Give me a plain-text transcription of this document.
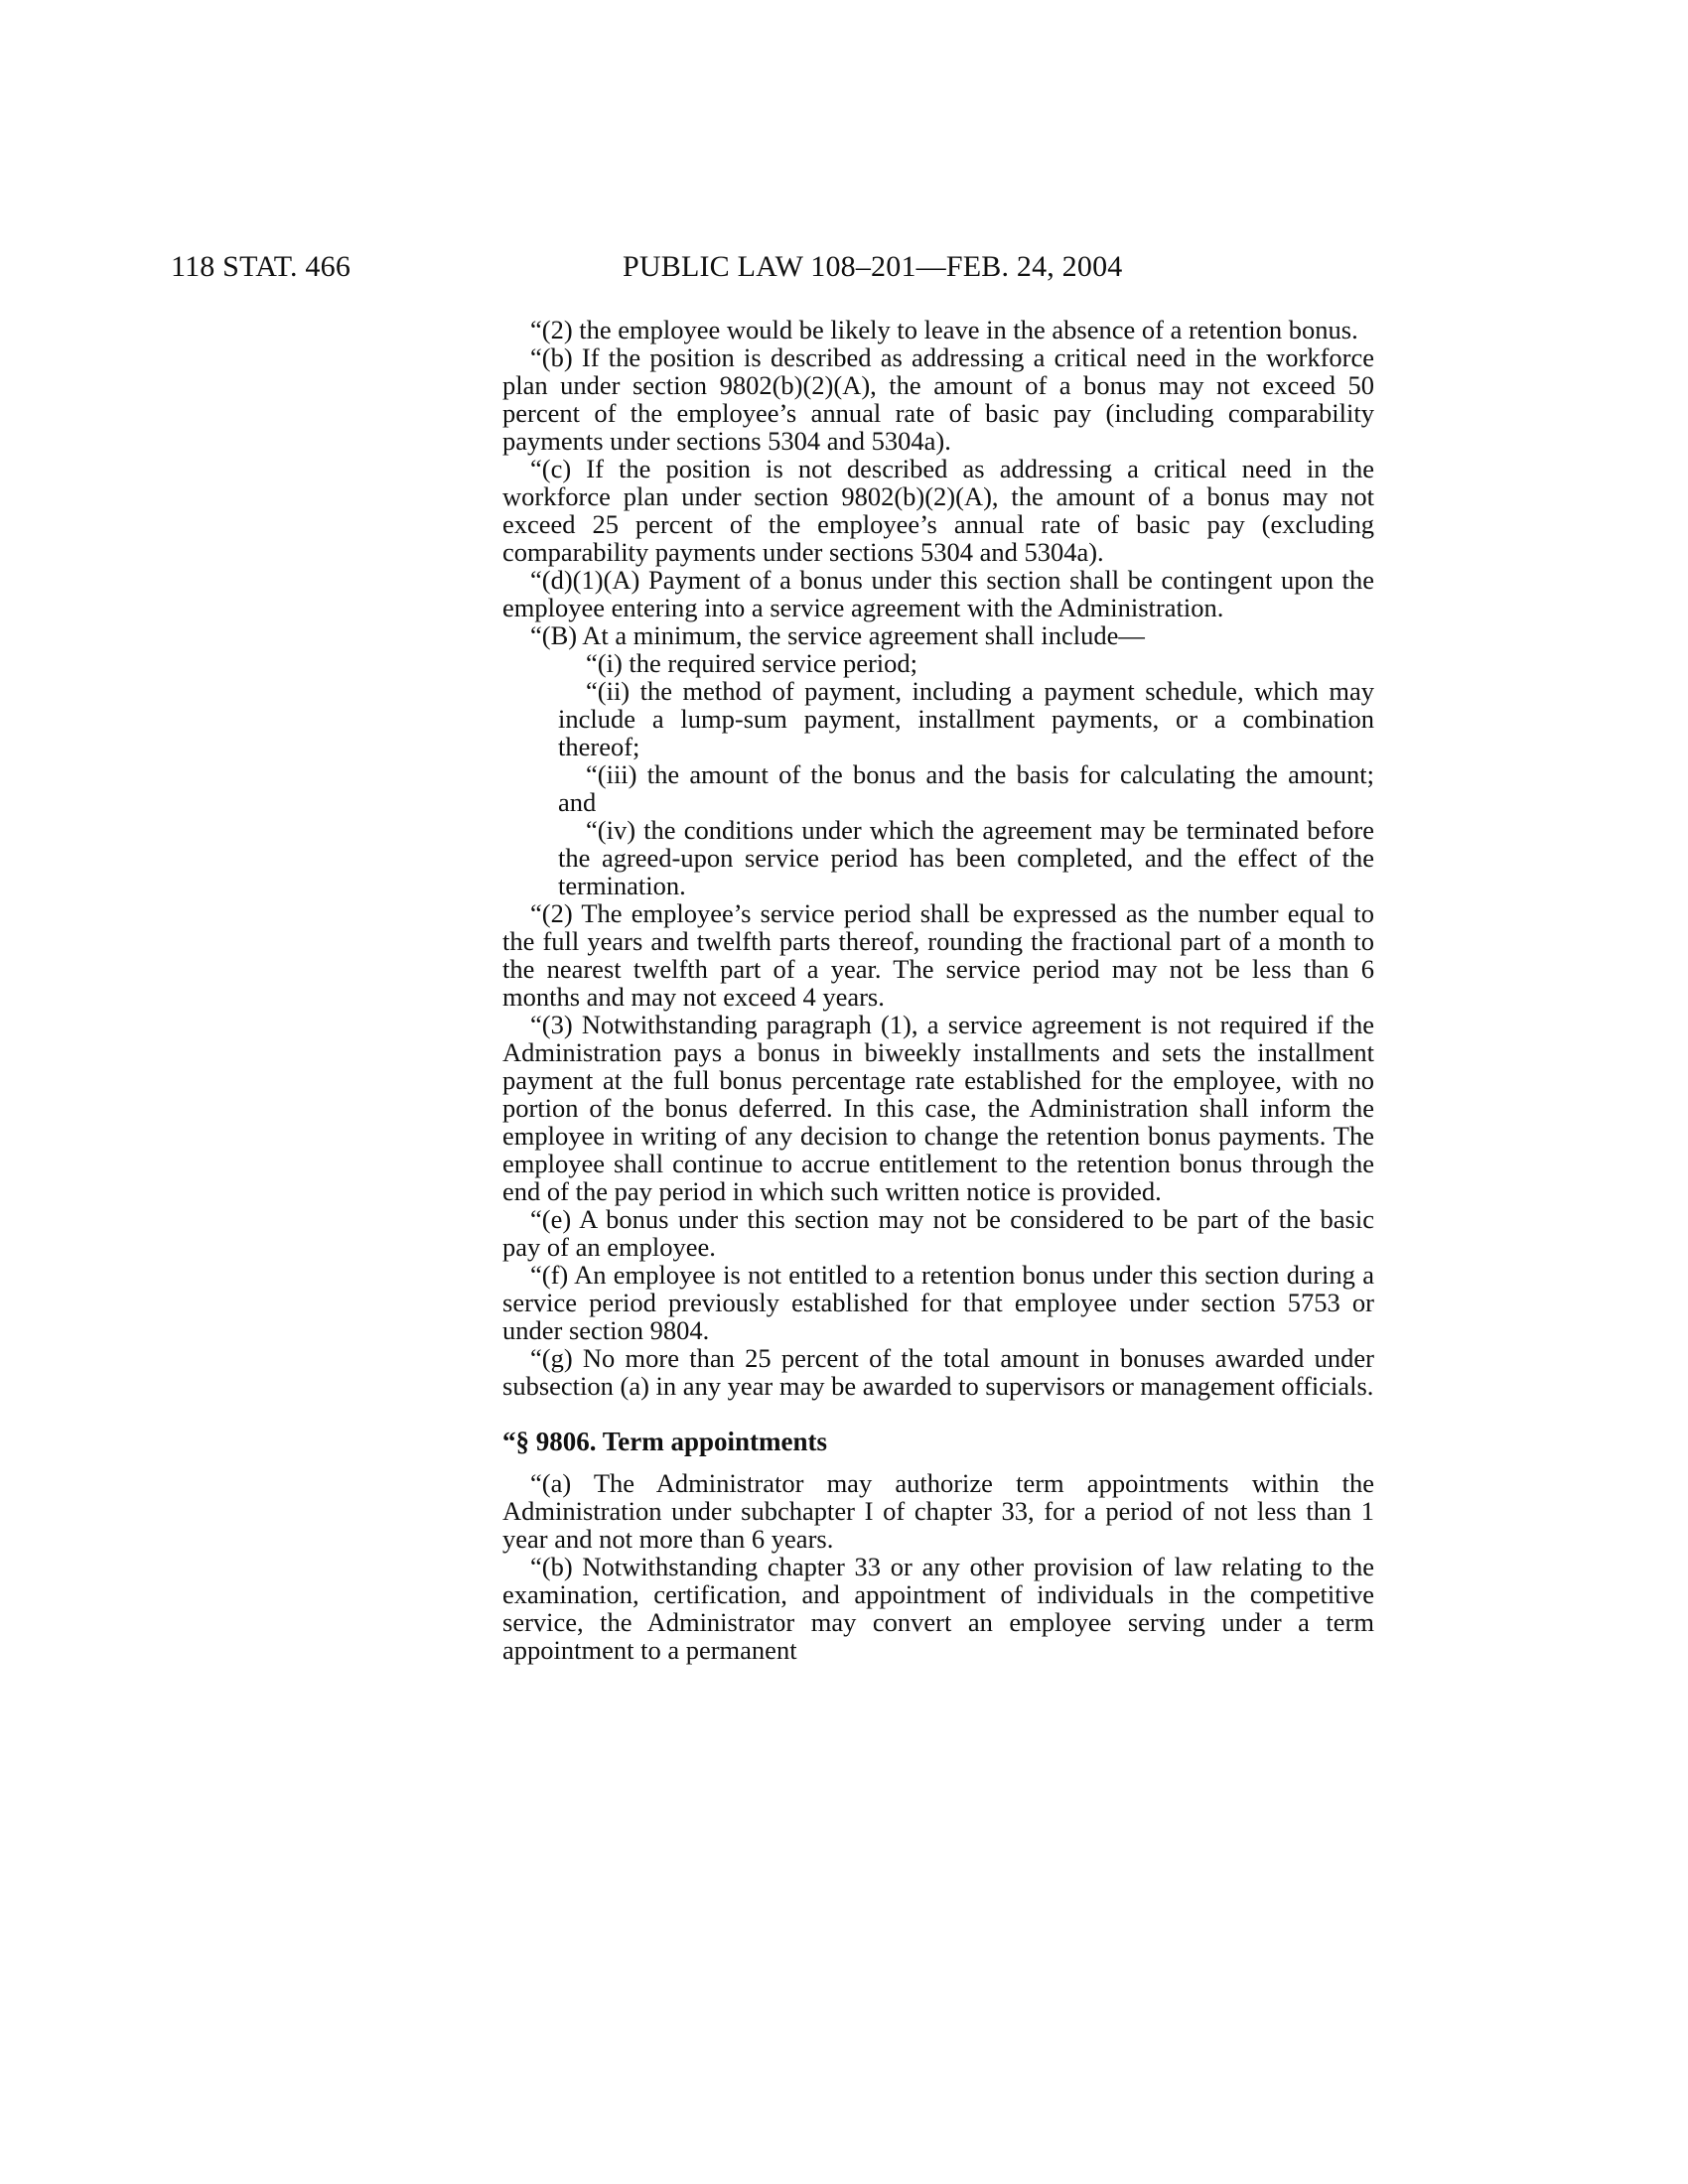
118 STAT. 466	PUBLIC LAW 108–201—FEB. 24, 2004

“(2) the employee would be likely to leave in the absence of a retention bonus.

“(b) If the position is described as addressing a critical need in the workforce plan under section 9802(b)(2)(A), the amount of a bonus may not exceed 50 percent of the employee’s annual rate of basic pay (including comparability payments under sections 5304 and 5304a).

“(c) If the position is not described as addressing a critical need in the workforce plan under section 9802(b)(2)(A), the amount of a bonus may not exceed 25 percent of the employee’s annual rate of basic pay (excluding comparability payments under sections 5304 and 5304a).

“(d)(1)(A) Payment of a bonus under this section shall be contingent upon the employee entering into a service agreement with the Administration.

“(B) At a minimum, the service agreement shall include—

“(i) the required service period;

“(ii) the method of payment, including a payment schedule, which may include a lump-sum payment, installment payments, or a combination thereof;

“(iii) the amount of the bonus and the basis for calculating the amount; and

“(iv) the conditions under which the agreement may be terminated before the agreed-upon service period has been completed, and the effect of the termination.

“(2) The employee’s service period shall be expressed as the number equal to the full years and twelfth parts thereof, rounding the fractional part of a month to the nearest twelfth part of a year. The service period may not be less than 6 months and may not exceed 4 years.

“(3) Notwithstanding paragraph (1), a service agreement is not required if the Administration pays a bonus in biweekly installments and sets the installment payment at the full bonus percentage rate established for the employee, with no portion of the bonus deferred. In this case, the Administration shall inform the employee in writing of any decision to change the retention bonus payments. The employee shall continue to accrue entitlement to the retention bonus through the end of the pay period in which such written notice is provided.

“(e) A bonus under this section may not be considered to be part of the basic pay of an employee.

“(f) An employee is not entitled to a retention bonus under this section during a service period previously established for that employee under section 5753 or under section 9804.

“(g) No more than 25 percent of the total amount in bonuses awarded under subsection (a) in any year may be awarded to supervisors or management officials.

“§ 9806. Term appointments

“(a) The Administrator may authorize term appointments within the Administration under subchapter I of chapter 33, for a period of not less than 1 year and not more than 6 years.

“(b) Notwithstanding chapter 33 or any other provision of law relating to the examination, certification, and appointment of individuals in the competitive service, the Administrator may convert an employee serving under a term appointment to a permanent
